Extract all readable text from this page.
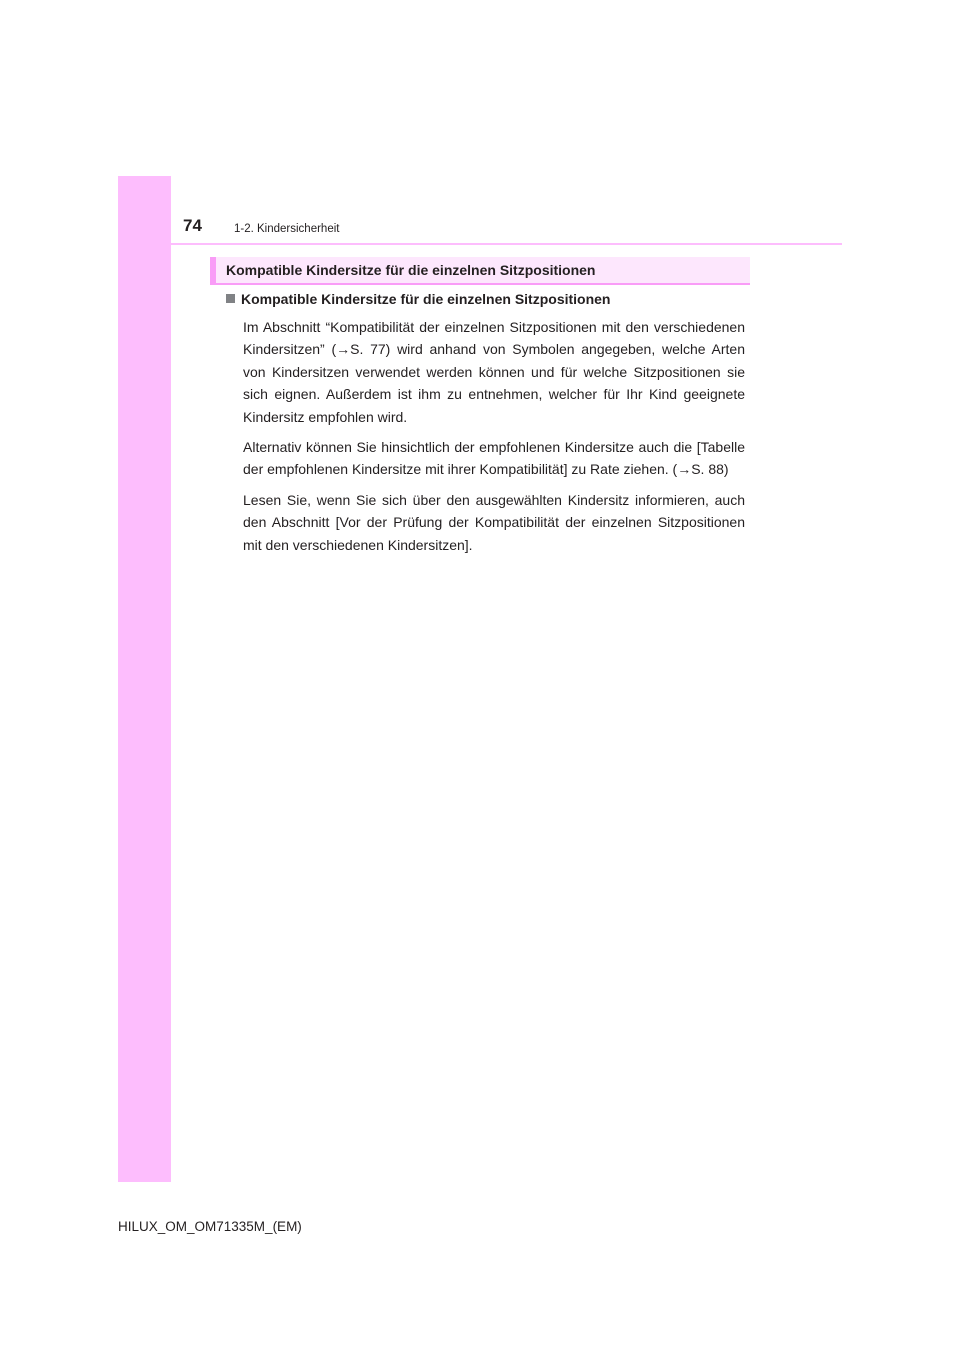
74	1-2. Kindersicherheit
Kompatible Kindersitze für die einzelnen Sitzpositionen
Kompatible Kindersitze für die einzelnen Sitzpositionen

Im Abschnitt “Kompatibilität der einzelnen Sitzpositionen mit den verschiedenen Kindersitzen” (→S. 77) wird anhand von Symbolen angegeben, welche Arten von Kindersitzen verwendet werden können und für welche Sitzpositionen sie sich eignen. Außerdem ist ihm zu entnehmen, welcher für Ihr Kind geeignete Kindersitz empfohlen wird.

Alternativ können Sie hinsichtlich der empfohlenen Kindersitze auch die [Tabelle der empfohlenen Kindersitze mit ihrer Kompatibilität] zu Rate ziehen. (→S. 88)

Lesen Sie, wenn Sie sich über den ausgewählten Kindersitz informieren, auch den Abschnitt [Vor der Prüfung der Kompatibilität der einzelnen Sitzpositionen mit den verschiedenen Kindersitzen].

HILUX_OM_OM71335M_(EM)
